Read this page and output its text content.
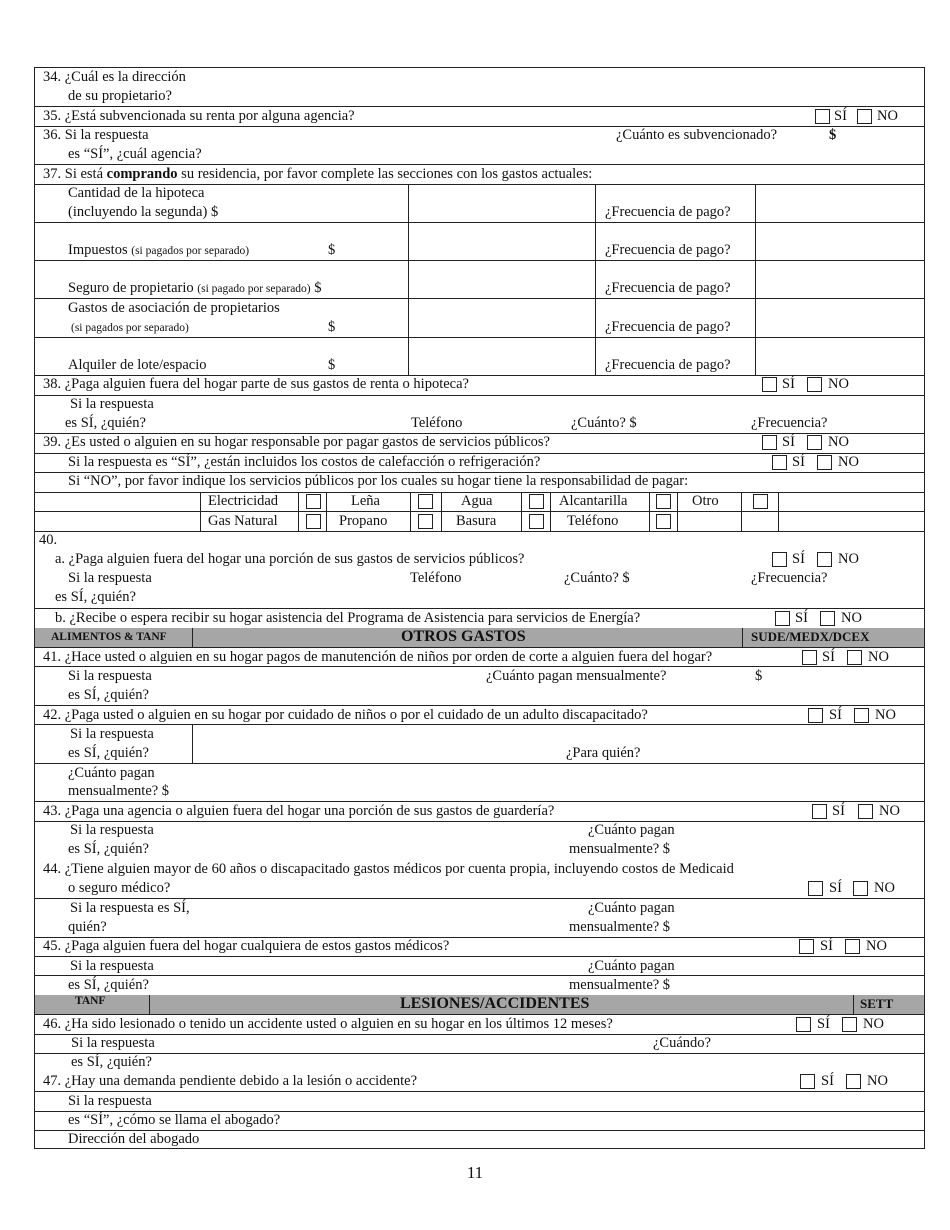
ALIMENTOS & TANF	OTROS GASTOS	SUDE/MEDX/DCEX
TANF	LESIONES/ACCIDENTES	SETT
34. ¿Cuál es la dirección
de su propietario?
35. ¿Está subvencionada su renta por alguna agencia?	SÍ NO
36. Si la respuesta
es “SÍ”, ¿cuál agencia?
¿Cuánto es subvencionado?	$
37. Si está comprando su residencia, por favor complete las secciones con los gastos actuales:
Cantidad de la hipoteca
(incluyendo la segunda) $	¿Frecuencia de pago?
Impuestos (si pagados por separado)	$	¿Frecuencia de pago?
Seguro de propietario (si pagado por separado) $	¿Frecuencia de pago?
Gastos de asociación de propietarios
(si pagados por separado)	$	¿Frecuencia de pago?
Alquiler de lote/espacio	$	¿Frecuencia de pago?
38. ¿Paga alguien fuera del hogar parte de sus gastos de renta o hipoteca?	SÍ NO
Si la respuesta
es SÍ, ¿quién?	Teléfono	¿Cuánto? $	¿Frecuencia?
39. ¿Es usted o alguien en su hogar responsable por pagar gastos de servicios públicos?	SÍ NO
Si la respuesta es “SÍ”, ¿están incluidos los costos de calefacción o refrigeración?	SÍ NO
Si “NO”, por favor indique los servicios públicos por los cuales su hogar tiene la responsabilidad de pagar:
Electricidad	Leña	Agua	Alcantarilla	Otro
Gas Natural	Propano	Basura	Teléfono
40.
a. ¿Paga alguien fuera del hogar una porción de sus gastos de servicios públicos?	SÍ NO
Si la respuesta
es SÍ, ¿quién?
Teléfono	¿Cuánto? $	¿Frecuencia?
b. ¿Recibe o espera recibir su hogar asistencia del Programa de Asistencia para servicios de Energía?	SÍ NO
41. ¿Hace usted o alguien en su hogar pagos de manutención de niños por orden de corte a alguien fuera del hogar?	SÍ NO
Si la respuesta
es SÍ, ¿quién?
¿Cuánto pagan mensualmente?	$
42. ¿Paga usted o alguien en su hogar por cuidado de niños o por el cuidado de un adulto discapacitado?	SÍ NO
Si la respuesta
es SÍ, ¿quién?	¿Para quién?
¿Cuánto pagan
mensualmente? $
43. ¿Paga una agencia o alguien fuera del hogar una porción de sus gastos de guardería?	SÍ NO
Si la respuesta
es SÍ, ¿quién?
¿Cuánto pagan
mensualmente? $
44. ¿Tiene alguien mayor de 60 años o discapacitado gastos médicos por cuenta propia, incluyendo costos de Medicaid
o seguro médico?	SÍ NO
Si la respuesta es SÍ,
quién?
¿Cuánto pagan
mensualmente? $
45. ¿Paga alguien fuera del hogar cualquiera de estos gastos médicos?	SÍ NO
Si la respuesta
es SÍ, ¿quién?
¿Cuánto pagan
mensualmente? $
46. ¿Ha sido lesionado o tenido un accidente usted o alguien en su hogar en los últimos 12 meses?	SÍ NO
Si la respuesta
es SÍ, ¿quién?
¿Cuándo?
47. ¿Hay una demanda pendiente debido a la lesión o accidente?	SÍ NO
Si la respuesta
es “SÍ”, ¿cómo se llama el abogado?
Dirección del abogado
11
